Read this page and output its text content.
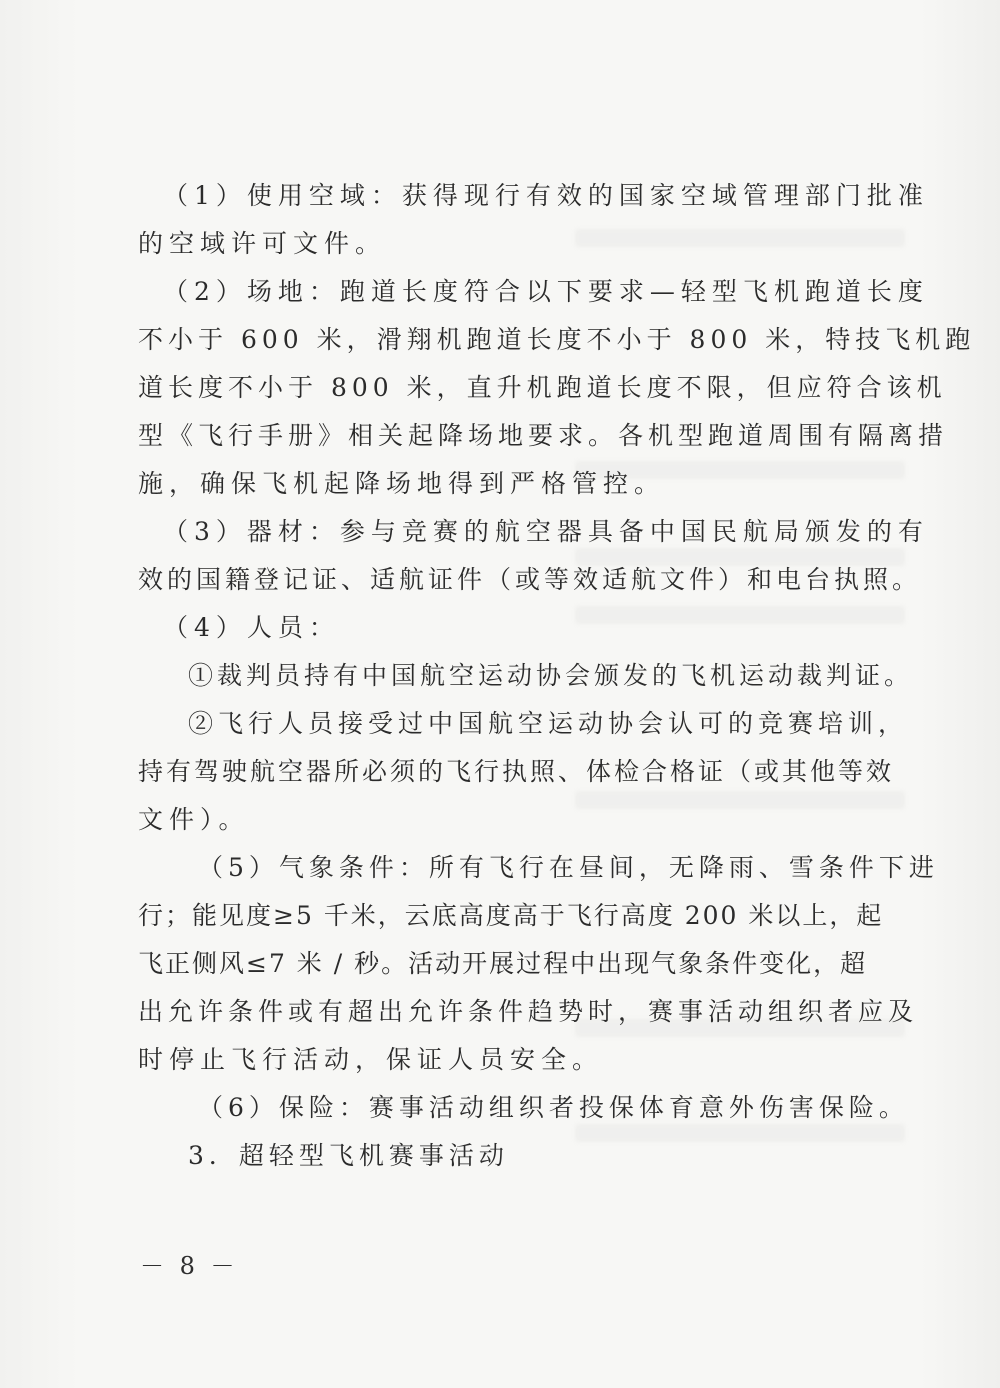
（1）使用空域：获得现行有效的国家空域管理部门批准
的空域许可文件。
（2）场地：跑道长度符合以下要求—轻型飞机跑道长度
不小于 600 米，滑翔机跑道长度不小于 800 米，特技飞机跑
道长度不小于 800 米，直升机跑道长度不限，但应符合该机
型《飞行手册》相关起降场地要求。各机型跑道周围有隔离措
施，确保飞机起降场地得到严格管控。
（3）器材：参与竞赛的航空器具备中国民航局颁发的有
效的国籍登记证、适航证件（或等效适航文件）和电台执照。
（4）人员：
①裁判员持有中国航空运动协会颁发的飞机运动裁判证。
②飞行人员接受过中国航空运动协会认可的竞赛培训，
持有驾驶航空器所必须的飞行执照、体检合格证（或其他等效
文件）。
（5）气象条件：所有飞行在昼间，无降雨、雪条件下进
行；能见度≥5 千米，云底高度高于飞行高度 200 米以上，起
飞正侧风≤7 米 / 秒。活动开展过程中出现气象条件变化，超
出允许条件或有超出允许条件趋势时，赛事活动组织者应及
时停止飞行活动，保证人员安全。
（6）保险：赛事活动组织者投保体育意外伤害保险。
3．超轻型飞机赛事活动
－ 8 －
